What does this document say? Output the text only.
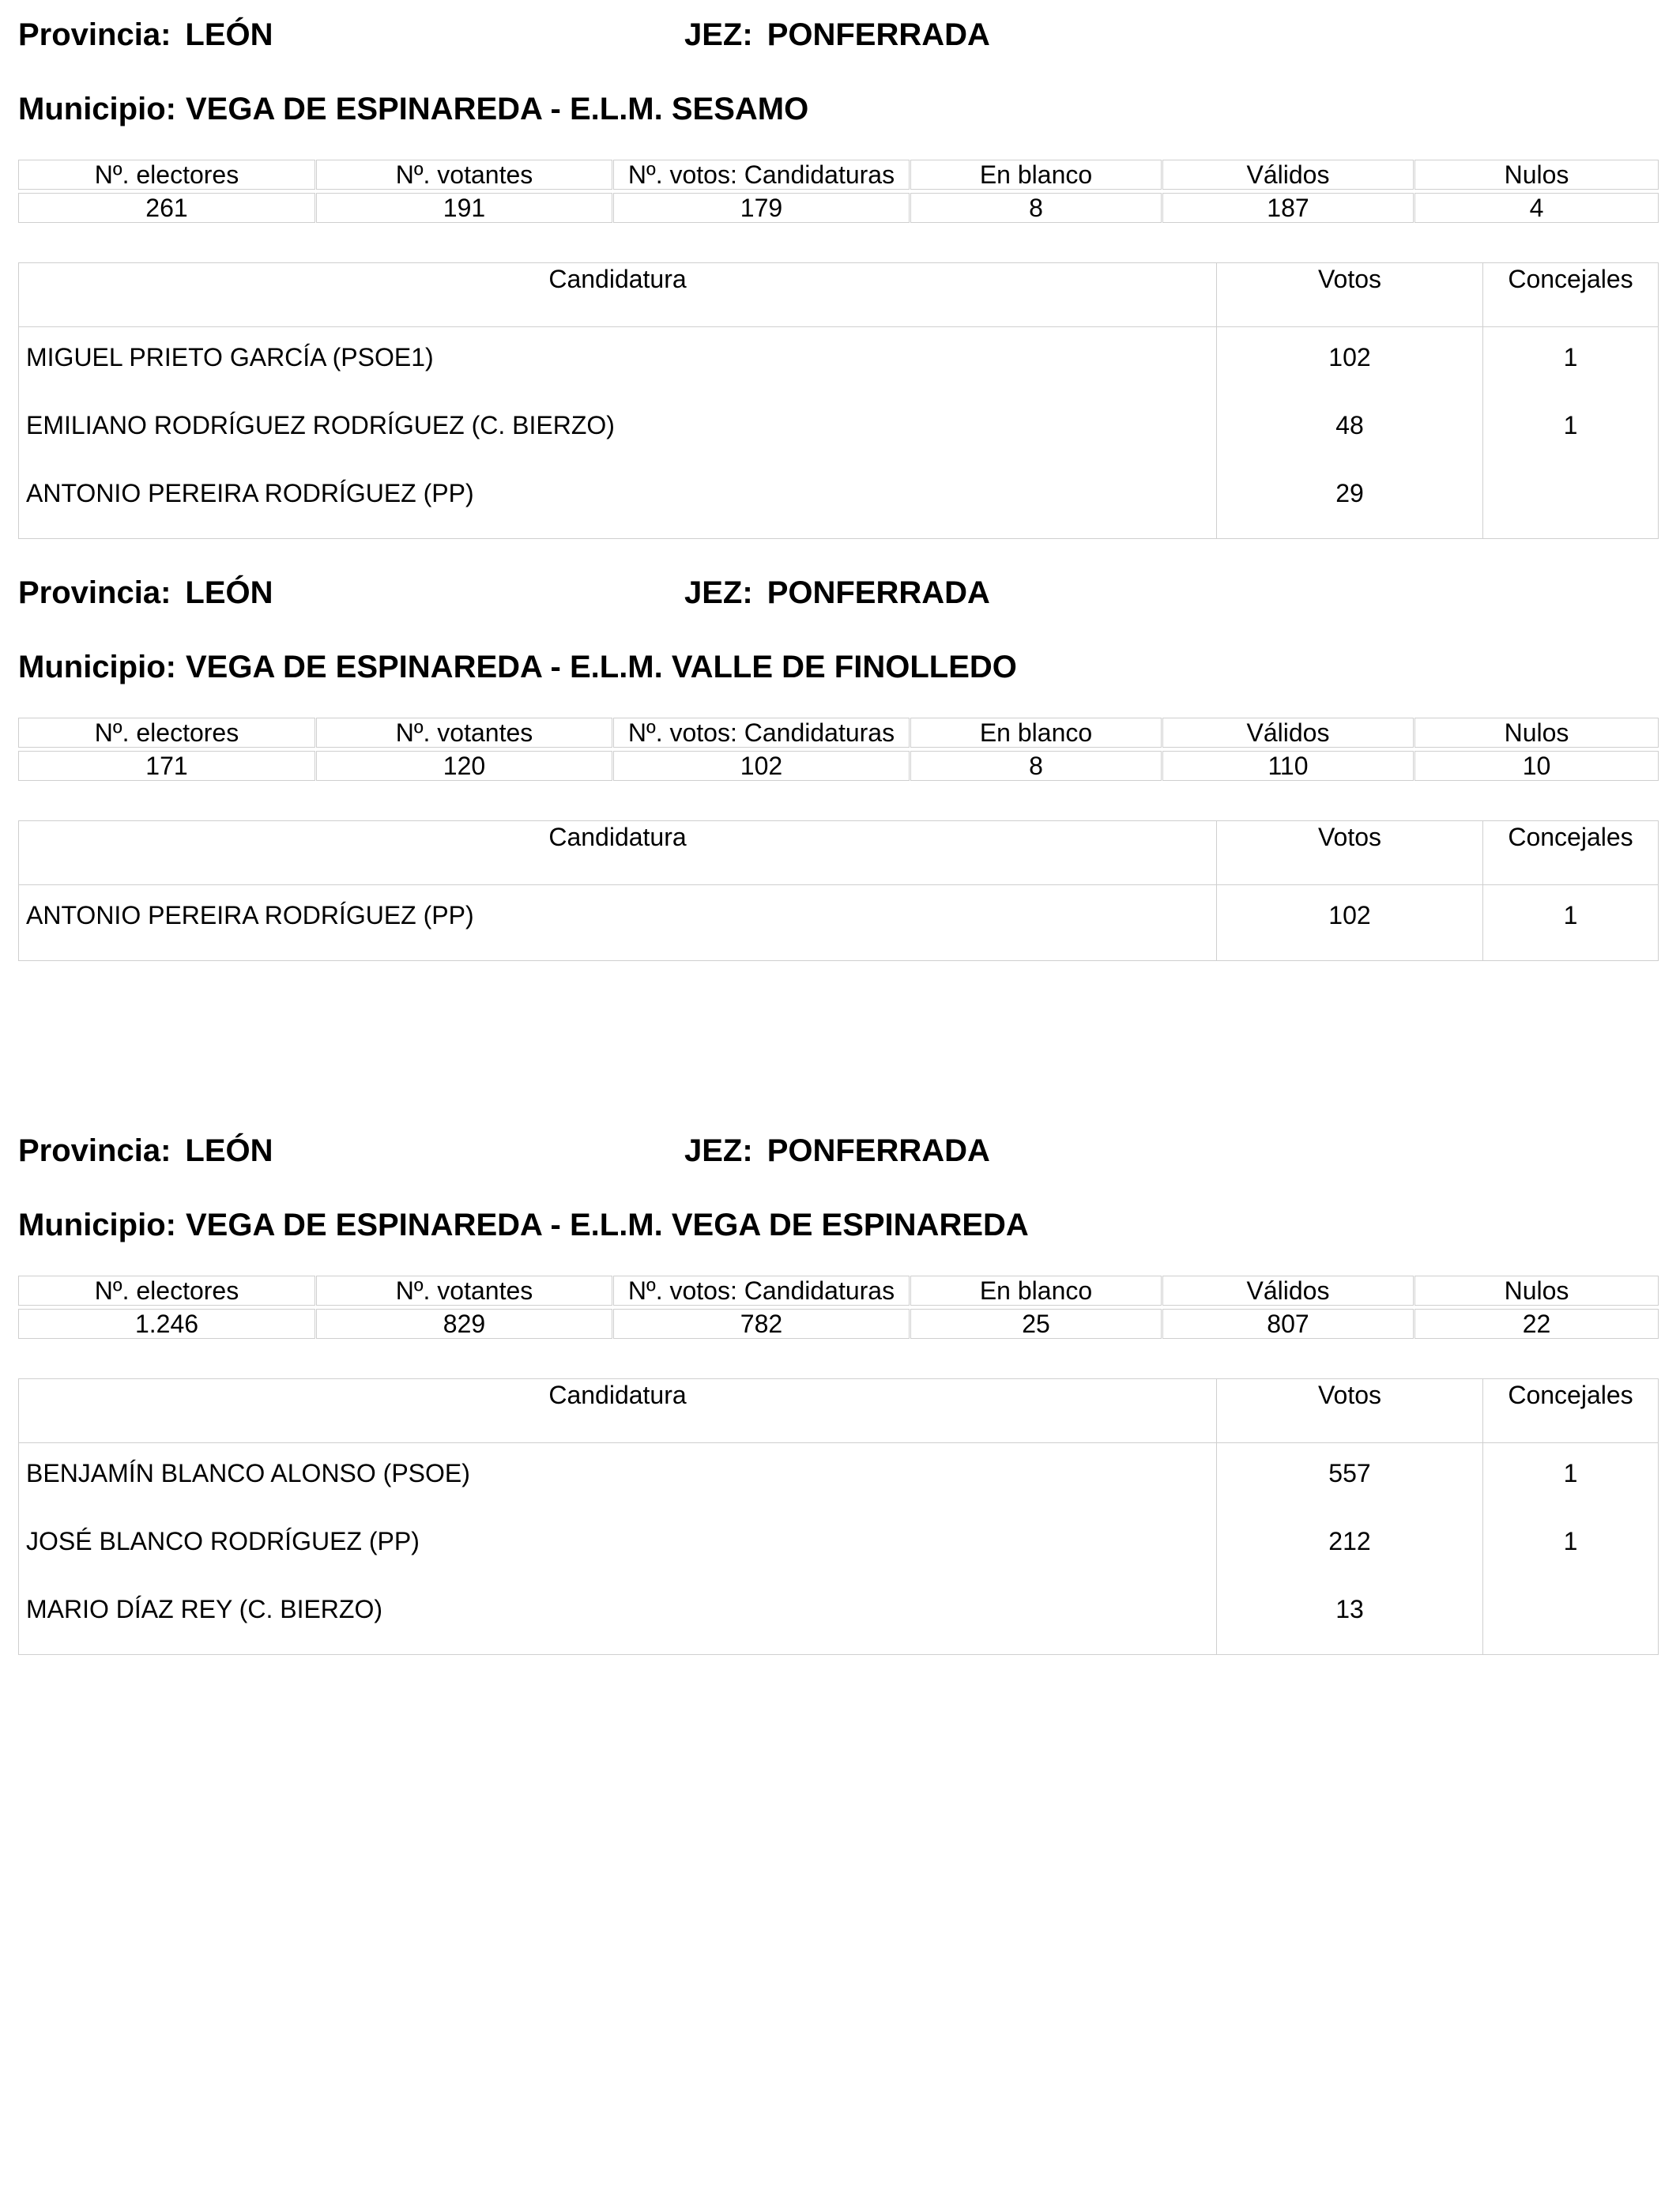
Provincia: LEÓN	JEZ: PONFERRADA
Municipio: VEGA DE ESPINAREDA - E.L.M. SESAMO
Nº. electores	Nº. votantes	Nº. votos: Candidaturas	En blanco	Válidos	Nulos
261	191	179	8	187	4
Candidatura	Votos	Concejales
MIGUEL PRIETO GARCÍA (PSOE1)	102	1
EMILIANO RODRÍGUEZ RODRÍGUEZ (C. BIERZO)	48	1
ANTONIO PEREIRA RODRÍGUEZ (PP)	29
Provincia: LEÓN	JEZ: PONFERRADA
Municipio: VEGA DE ESPINAREDA - E.L.M. VALLE DE FINOLLEDO
Nº. electores	Nº. votantes	Nº. votos: Candidaturas	En blanco	Válidos	Nulos
171	120	102	8	110	10
Candidatura	Votos	Concejales
ANTONIO PEREIRA RODRÍGUEZ (PP)	102	1
Provincia: LEÓN	JEZ: PONFERRADA
Municipio: VEGA DE ESPINAREDA - E.L.M. VEGA DE ESPINAREDA
Nº. electores	Nº. votantes	Nº. votos: Candidaturas	En blanco	Válidos	Nulos
1.246	829	782	25	807	22
Candidatura	Votos	Concejales
BENJAMÍN BLANCO ALONSO (PSOE)	557	1
JOSÉ BLANCO RODRÍGUEZ (PP)	212	1
MARIO DÍAZ REY (C. BIERZO)	13
